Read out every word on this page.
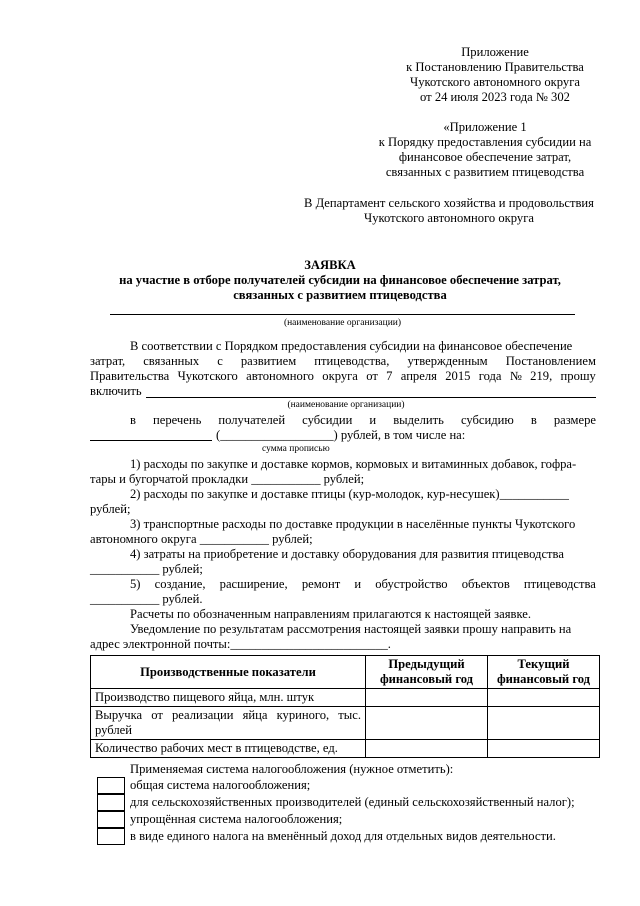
Приложение
к Постановлению Правительства
Чукотского автономного округа
от 24 июля 2023 года № 302
«Приложение 1
к Порядку предоставления субсидии на
финансовое обеспечение затрат,
связанных с развитием птицеводства
В Департамент сельского хозяйства и продовольствия
Чукотского автономного округа
ЗАЯВКА
на участие в отборе получателей субсидии на финансовое обеспечение затрат,
связанных с развитием птицеводства
(наименование организации)
В соответствии с Порядком предоставления субсидии на финансовое обеспечение
затрат, связанных с развитием птицеводства, утвержденным Постановлением
Правительства Чукотского автономного округа от 7 апреля 2015 года № 219, прошу
включить
(наименование организации)
в перечень получателей субсидии и выделить субсидию в размере
(__________________) рублей, в том числе на:
сумма прописью
1) расходы по закупке и доставке кормов, кормовых и витаминных добавок, гофра-
тары и бугорчатой прокладки ___________ рублей;
2) расходы по закупке и доставке птицы (кур-молодок, кур-несушек)___________
рублей;
3) транспортные расходы по доставке продукции в населённые пункты Чукотского
автономного округа ___________ рублей;
4) затраты на приобретение и доставку оборудования для развития птицеводства
___________ рублей;
5) создание, расширение, ремонт и обустройство объектов птицеводства
___________ рублей.
Расчеты по обозначенным направлениям прилагаются к настоящей заявке.
Уведомление по результатам рассмотрения настоящей заявки прошу направить на
адрес электронной почты:_________________________.
Производственные показатели	Предыдущий финансовый год	Текущий финансовый год
Производство пищевого яйца, млн. штук		
Выручка от реализации яйца куриного, тыс. рублей		
Количество рабочих мест в птицеводстве, ед.		
Применяемая система налогообложения (нужное отметить):
общая система налогообложения;
для сельскохозяйственных производителей (единый сельскохозяйственный налог);
упрощённая система налогообложения;
в виде единого налога на вменённый доход для отдельных видов деятельности.
